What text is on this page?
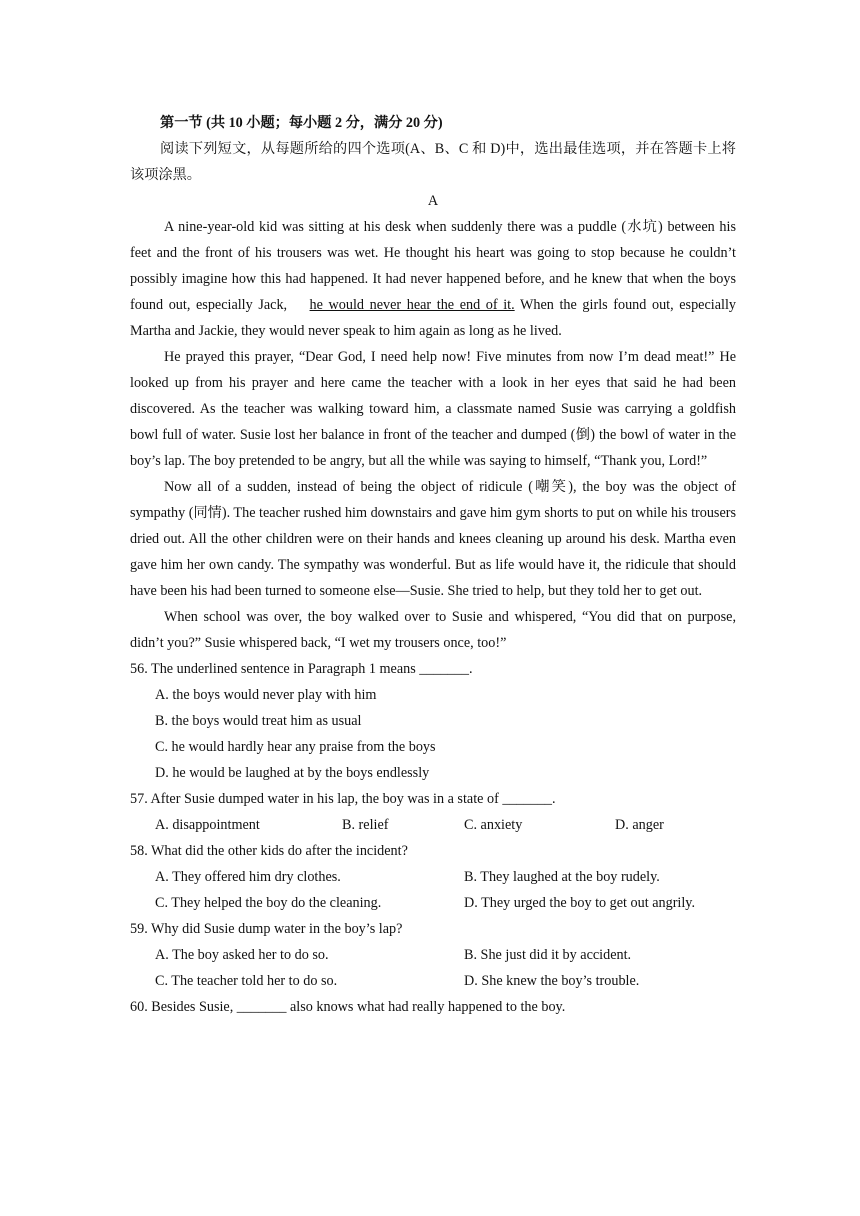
第一节 (共 10 小题；每小题 2 分，满分 20 分)
阅读下列短文，从每题所给的四个选项(A、B、C 和 D)中，选出最佳选项，并在答题卡上将该项涂黑。
A
A nine-year-old kid was sitting at his desk when suddenly there was a puddle (水坑) between his feet and the front of his trousers was wet. He thought his heart was going to stop because he couldn’t possibly imagine how this had happened. It had never happened before, and he knew that when the boys found out, especially Jack,    he would never hear the end of it. When the girls found out, especially Martha and Jackie, they would never speak to him again as long as he lived.
He prayed this prayer, “Dear God, I need help now! Five minutes from now I’m dead meat!” He looked up from his prayer and here came the teacher with a look in her eyes that said he had been discovered. As the teacher was walking toward him, a classmate named Susie was carrying a goldfish bowl full of water. Susie lost her balance in front of the teacher and dumped (倒) the bowl of water in the boy’s lap. The boy pretended to be angry, but all the while was saying to himself, “Thank you, Lord!”
Now all of a sudden, instead of being the object of ridicule (嘲笑), the boy was the object of sympathy (同情). The teacher rushed him downstairs and gave him gym shorts to put on while his trousers dried out. All the other children were on their hands and knees cleaning up around his desk. Martha even gave him her own candy. The sympathy was wonderful. But as life would have it, the ridicule that should have been his had been turned to someone else—Susie. She tried to help, but they told her to get out.
When school was over, the boy walked over to Susie and whispered, “You did that on purpose, didn’t you?” Susie whispered back, “I wet my trousers once, too!”
56. The underlined sentence in Paragraph 1 means _______.
A. the boys would never play with him
B. the boys would treat him as usual
C. he would hardly hear any praise from the boys
D. he would be laughed at by the boys endlessly
57. After Susie dumped water in his lap, the boy was in a state of _______.
A. disappointment	B. relief	C. anxiety	D. anger
58. What did the other kids do after the incident?
A. They offered him dry clothes.	B. They laughed at the boy rudely.
C. They helped the boy do the cleaning.	D. They urged the boy to get out angrily.
59. Why did Susie dump water in the boy’s lap?
A. The boy asked her to do so.	B. She just did it by accident.
C. The teacher told her to do so.	D. She knew the boy’s trouble.
60. Besides Susie, _______ also knows what had really happened to the boy.
